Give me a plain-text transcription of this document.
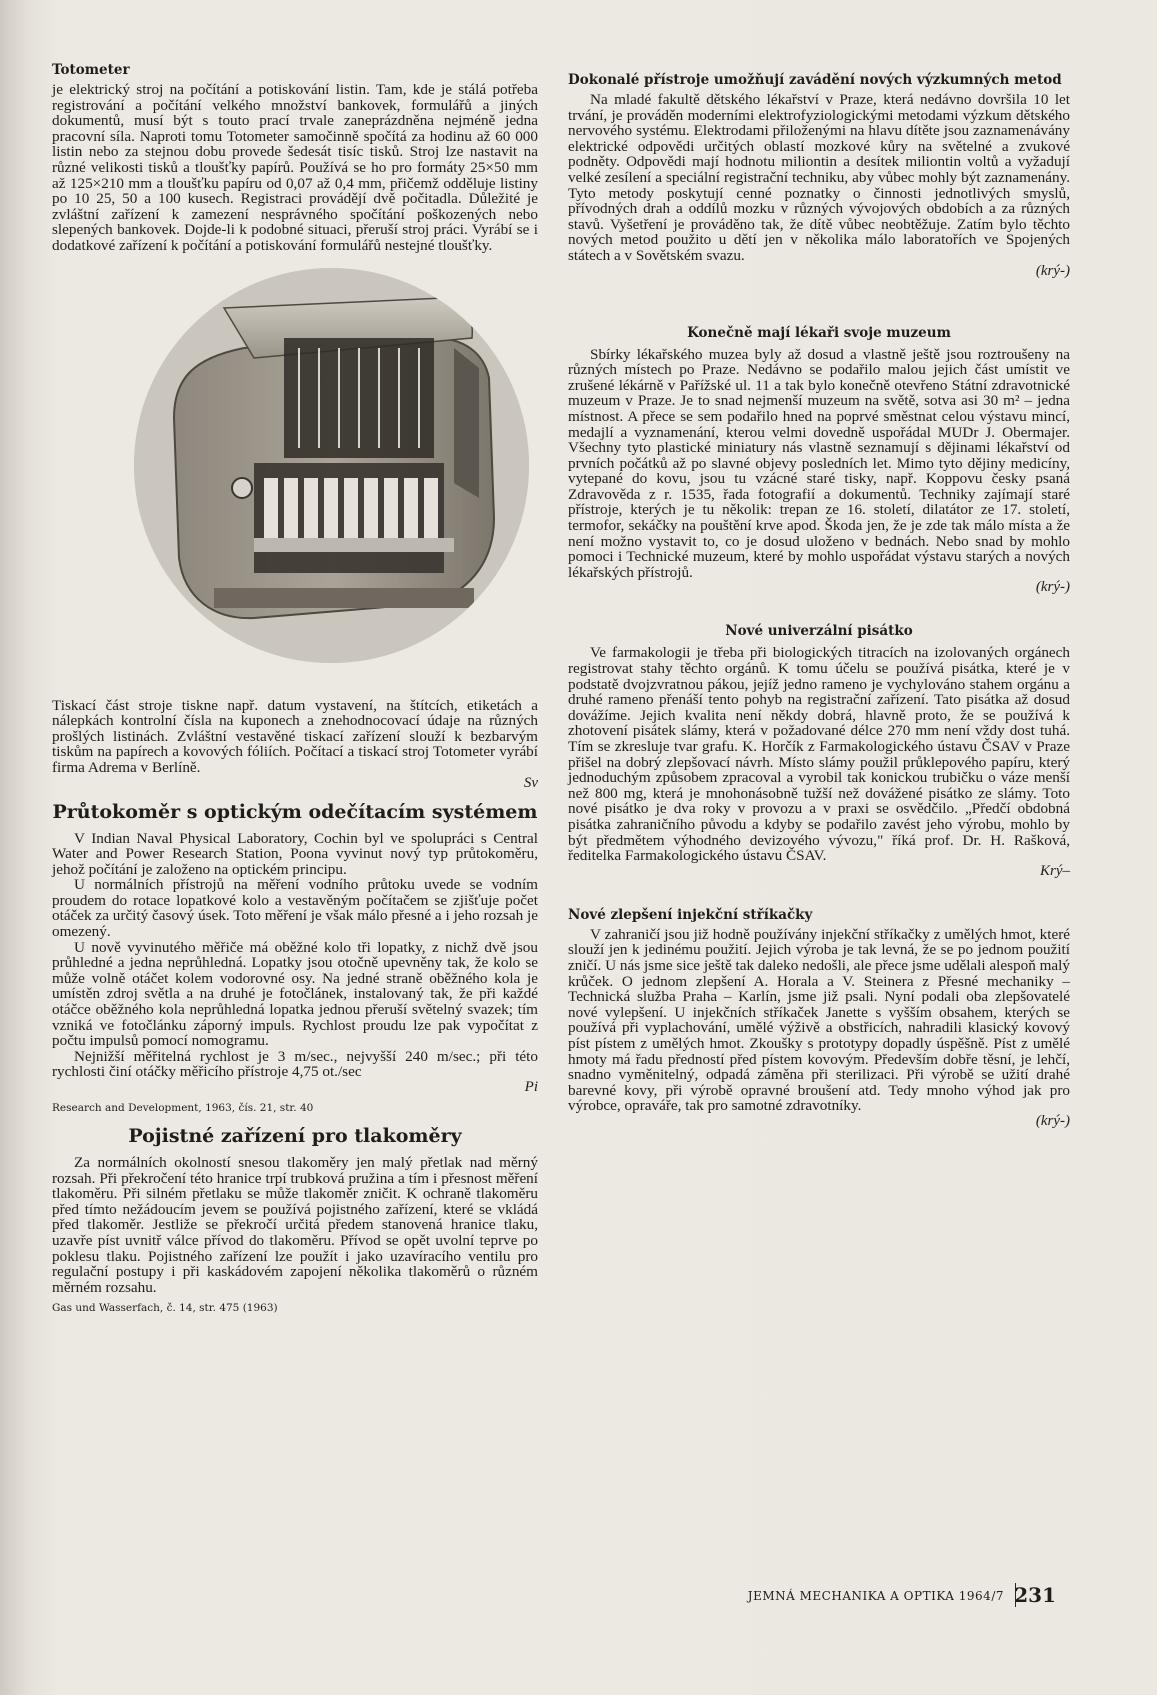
Totometer

je elektrický stroj na počítání a potiskování listin. Tam, kde je stálá potřeba registrování a počítání velkého množství bankovek, formulářů a jiných dokumentů, musí být s touto prací trvale zaneprázdněna nejméně jedna pracovní síla. Naproti tomu Totometer samočinně spočítá za hodinu až 60 000 listin nebo za stejnou dobu provede šedesát tisíc tisků. Stroj lze nastavit na různé velikosti tisků a tloušťky papírů. Používá se ho pro formáty 25×50 mm až 125×210 mm a tloušťku papíru od 0,07 až 0,4 mm, přičemž odděluje listiny po 10 25, 50 a 100 kusech. Registraci provádějí dvě počitadla. Důležité je zvláštní zařízení k zamezení nesprávného spočítání poškozených nebo slepených bankovek. Dojde-li k podobné situaci, přeruší stroj práci. Vyrábí se i dodatkové zařízení k počítání a potiskování formulářů nestejné tloušťky.

Tiskací část stroje tiskne např. datum vystavení, na štítcích, etiketách a nálepkách kontrolní čísla na kuponech a znehodnocovací údaje na různých prošlých listinách. Zvláštní vestavěné tiskací zařízení slouží k bezbarvým tiskům na papírech a kovových fóliích. Počítací a tiskací stroj Totometer vyrábí firma Adrema v Berlíně.

Sv
Průtokoměr s optickým odečítacím systémem

V Indian Naval Physical Laboratory, Cochin byl ve spolupráci s Central Water and Power Research Station, Poona vyvinut nový typ průtokoměru, jehož počítání je založeno na optickém principu.

U normálních přístrojů na měření vodního průtoku uvede se vodním proudem do rotace lopatkové kolo a vestavěným počítačem se zjišťuje počet otáček za určitý časový úsek. Toto měření je však málo přesné a i jeho rozsah je omezený.

U nově vyvinutého měřiče má oběžné kolo tři lopatky, z nichž dvě jsou průhledné a jedna neprůhledná. Lopatky jsou otočně upevněny tak, že kolo se může volně otáčet kolem vodorovné osy. Na jedné straně oběžného kola je umístěn zdroj světla a na druhé je fotočlánek, instalovaný tak, že při každé otáčce oběžného kola neprůhledná lopatka jednou přeruší světelný svazek; tím vzniká ve fotočlánku záporný impuls. Rychlost proudu lze pak vypočítat z počtu impulsů pomocí nomogramu.

Nejnižší měřitelná rychlost je 3 m/sec., nejvyšší 240 m/sec.; při této rychlosti činí otáčky měřicího přístroje 4,75 ot./sec

Pi
Research and Development, 1963, čís. 21, str. 40
Pojistné zařízení pro tlakoměry

Za normálních okolností snesou tlakoměry jen malý přetlak nad měrný rozsah. Při překročení této hranice trpí trubková pružina a tím i přesnost měření tlakoměru. Při silném přetlaku se může tlakoměr zničit. K ochraně tlakoměru před tímto nežádoucím jevem se používá pojistného zařízení, které se vkládá před tlakoměr. Jestliže se překročí určitá předem stanovená hranice tlaku, uzavře píst uvnitř válce přívod do tlakoměru. Přívod se opět uvolní teprve po poklesu tlaku. Pojistného zařízení lze použít i jako uzavíracího ventilu pro regulační postupy i při kaskádovém zapojení několika tlakoměrů o různém měrném rozsahu.

Gas und Wasserfach, č. 14, str. 475 (1963)
Dokonalé přístroje umožňují zavádění nových výzkumných metod

Na mladé fakultě dětského lékařství v Praze, která nedávno dovršila 10 let trvání, je prováděn moderními elektrofyziologickými metodami výzkum dětského nervového systému. Elektrodami přiloženými na hlavu dítěte jsou zaznamenávány elektrické odpovědi určitých oblastí mozkové kůry na světelné a zvukové podněty. Odpovědi mají hodnotu miliontin a desítek miliontin voltů a vyžadují velké zesílení a speciální registrační techniku, aby vůbec mohly být zaznamenány. Tyto metody poskytují cenné poznatky o činnosti jednotlivých smyslů, přívodných drah a oddílů mozku v různých vývojových obdobích a za různých stavů. Vyšetření je prováděno tak, že dítě vůbec neobtěžuje. Zatím bylo těchto nových metod použito u dětí jen v několika málo laboratořích ve Spojených státech a v Sovětském svazu.

(krý-)
Konečně mají lékaři svoje muzeum

Sbírky lékařského muzea byly až dosud a vlastně ještě jsou roztroušeny na různých místech po Praze. Nedávno se podařilo malou jejich část umístit ve zrušené lékárně v Pařížské ul. 11 a tak bylo konečně otevřeno Státní zdravotnické muzeum v Praze. Je to snad nejmenší muzeum na světě, sotva asi 30 m² – jedna místnost. A přece se sem podařilo hned na poprvé směstnat celou výstavu mincí, medajlí a vyznamenání, kterou velmi dovedně uspořádal MUDr J. Obermajer. Všechny tyto plastické miniatury nás vlastně seznamují s dějinami lékařství od prvních počátků až po slavné objevy posledních let. Mimo tyto dějiny medicíny, vytepané do kovu, jsou tu vzácné staré tisky, např. Koppovu česky psaná Zdravověda z r. 1535, řada fotografií a dokumentů. Techniky zajímají staré přístroje, kterých je tu několik: trepan ze 16. století, dilatátor ze 17. století, termofor, sekáčky na pouštění krve apod. Škoda jen, že je zde tak málo místa a že není možno vystavit to, co je dosud uloženo v bednách. Nebo snad by mohlo pomoci i Technické muzeum, které by mohlo uspořádat výstavu starých a nových lékařských přístrojů.

(krý-)
Nové univerzální pisátko

Ve farmakologii je třeba při biologických titracích na izolovaných orgánech registrovat stahy těchto orgánů. K tomu účelu se používá pisátka, které je v podstatě dvojzvratnou pákou, jejíž jedno rameno je vychylováno stahem orgánu a druhé rameno přenáší tento pohyb na registrační zařízení. Tato pisátka až dosud dovážíme. Jejich kvalita není někdy dobrá, hlavně proto, že se používá k zhotovení pisátek slámy, která v požadované délce 270 mm není vždy dost tuhá. Tím se zkresluje tvar grafu. K. Horčík z Farmakologického ústavu ČSAV v Praze přišel na dobrý zlepšovací návrh. Místo slámy použil průklepového papíru, který jednoduchým způsobem zpracoval a vyrobil tak konickou trubičku o váze menší než 800 mg, která je mnohonásobně tužší než dovážené pisátko ze slámy. Toto nové pisátko je dva roky v provozu a v praxi se osvědčilo. „Předčí obdobná pisátka zahraničního původu a kdyby se podařilo zavést jeho výrobu, mohlo by být předmětem výhodného devizového vývozu," říká prof. Dr. H. Rašková, ředitelka Farmakologického ústavu ČSAV.

Krý–
Nové zlepšení injekční stříkačky

V zahraničí jsou již hodně používány injekční stříkačky z umělých hmot, které slouží jen k jedinému použití. Jejich výroba je tak levná, že se po jednom použití zničí. U nás jsme sice ještě tak daleko nedošli, ale přece jsme udělali alespoň malý krůček. O jednom zlepšení A. Horala a V. Steinera z Přesné mechaniky – Technická služba Praha – Karlín, jsme již psali. Nyní podali oba zlepšovatelé nové vylepšení. U injekčních stříkaček Janette s vyšším obsahem, kterých se používá při vyplachování, umělé výživě a obstřicích, nahradili klasický kovový píst pístem z umělých hmot. Zkoušky s prototypy dopadly úspěšně. Píst z umělé hmoty má řadu předností před pístem kovovým. Především dobře těsní, je lehčí, snadno vyměnitelný, odpadá záměna při sterilizaci. Při výrobě se užití drahé barevné kovy, při výrobě opravné broušení atd. Tedy mnoho výhod jak pro výrobce, opraváře, tak pro samotné zdravotníky.

(krý-)
JEMNÁ MECHANIKA A OPTIKA 1964/7 231
